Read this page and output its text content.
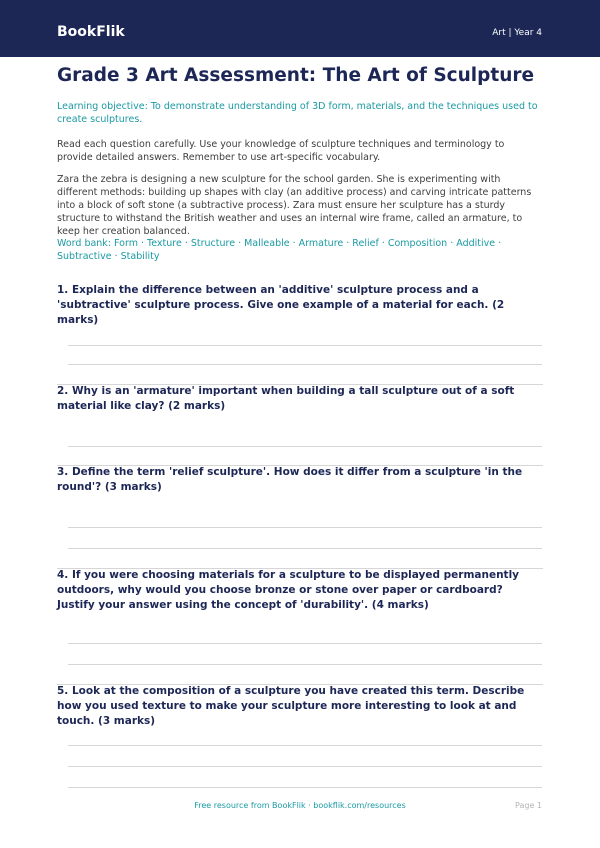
BookFlik	Art | Year 4
Grade 3 Art Assessment: The Art of Sculpture

Learning objective: To demonstrate understanding of 3D form, materials, and the techniques used to create sculptures.

Read each question carefully. Use your knowledge of sculpture techniques and terminology to provide detailed answers. Remember to use art-specific vocabulary.

Zara the zebra is designing a new sculpture for the school garden. She is experimenting with different methods: building up shapes with clay (an additive process) and carving intricate patterns into a block of soft stone (a subtractive process). Zara must ensure her sculpture has a sturdy structure to withstand the British weather and uses an internal wire frame, called an armature, to keep her creation balanced.

Word bank: Form · Texture · Structure · Malleable · Armature · Relief · Composition · Additive · Subtractive · Stability

1. Explain the difference between an 'additive' sculpture process and a 'subtractive' sculpture process. Give one example of a material for each. (2 marks)
2. Why is an 'armature' important when building a tall sculpture out of a soft material like clay? (2 marks)
3. Define the term 'relief sculpture'. How does it differ from a sculpture 'in the round'? (3 marks)
4. If you were choosing materials for a sculpture to be displayed permanently outdoors, why would you choose bronze or stone over paper or cardboard? Justify your answer using the concept of 'durability'. (4 marks)
5. Look at the composition of a sculpture you have created this term. Describe how you used texture to make your sculpture more interesting to look at and touch. (3 marks)
Free resource from BookFlik · bookflik.com/resources	Page 1
